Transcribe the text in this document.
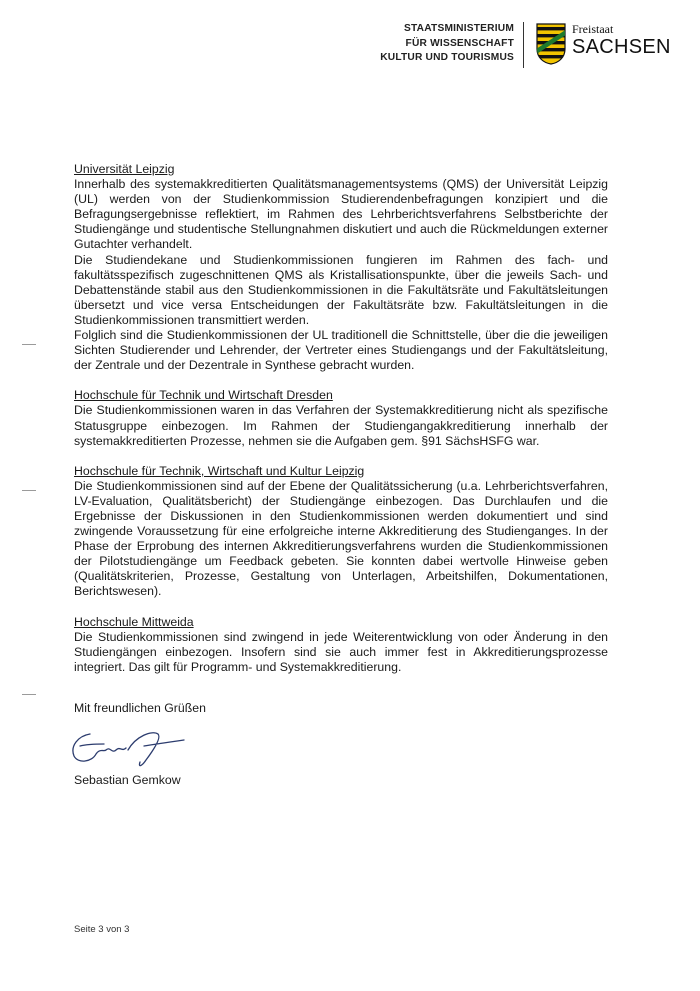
STAATSMINISTERIUM
FÜR WISSENSCHAFT
KULTUR UND TOURISMUS
Freistaat
SACHSEN

Universität Leipzig

Innerhalb des systemakkreditierten Qualitätsmanagementsystems (QMS) der Universität Leipzig (UL) werden von der Studienkommission Studierendenbefragungen konzipiert und die Befragungsergebnisse reflektiert, im Rahmen des Lehrberichtsverfahrens Selbstberichte der Studiengänge und studentische Stellungnahmen diskutiert und auch die Rückmeldungen externer Gutachter verhandelt.

Die Studiendekane und Studienkommissionen fungieren im Rahmen des fach- und fakultätsspezifisch zugeschnittenen QMS als Kristallisationspunkte, über die jeweils Sach- und Debattenstände stabil aus den Studienkommissionen in die Fakultätsräte und Fakultätsleitungen übersetzt und vice versa Entscheidungen der Fakultätsräte bzw. Fakultätsleitungen in die Studienkommissionen transmittiert werden.

Folglich sind die Studienkommissionen der UL traditionell die Schnittstelle, über die die jeweiligen Sichten Studierender und Lehrender, der Vertreter eines Studiengangs und der Fakultätsleitung, der Zentrale und der Dezentrale in Synthese gebracht wurden.

Hochschule für Technik und Wirtschaft Dresden

Die Studienkommissionen waren in das Verfahren der Systemakkreditierung nicht als spezifische Statusgruppe einbezogen. Im Rahmen der Studiengangakkreditierung innerhalb der systemakkreditierten Prozesse, nehmen sie die Aufgaben gem. §91 SächsHSFG war.

Hochschule für Technik, Wirtschaft und Kultur Leipzig

Die Studienkommissionen sind auf der Ebene der Qualitätssicherung (u.a. Lehrberichtsverfahren, LV-Evaluation, Qualitätsbericht) der Studiengänge einbezogen. Das Durchlaufen und die Ergebnisse der Diskussionen in den Studienkommissionen werden dokumentiert und sind zwingende Voraussetzung für eine erfolgreiche interne Akkreditierung des Studienganges. In der Phase der Erprobung des internen Akkreditierungsverfahrens wurden die Studienkommissionen der Pilotstudiengänge um Feedback gebeten. Sie konnten dabei wertvolle Hinweise geben (Qualitätskriterien, Prozesse, Gestaltung von Unterlagen, Arbeitshilfen, Dokumentationen, Berichtswesen).

Hochschule Mittweida

Die Studienkommissionen sind zwingend in jede Weiterentwicklung von oder Änderung in den Studiengängen einbezogen. Insofern sind sie auch immer fest in Akkreditierungsprozesse integriert. Das gilt für Programm- und Systemakkreditierung.

Mit freundlichen Grüßen
Sebastian Gemkow
Seite 3 von 3
